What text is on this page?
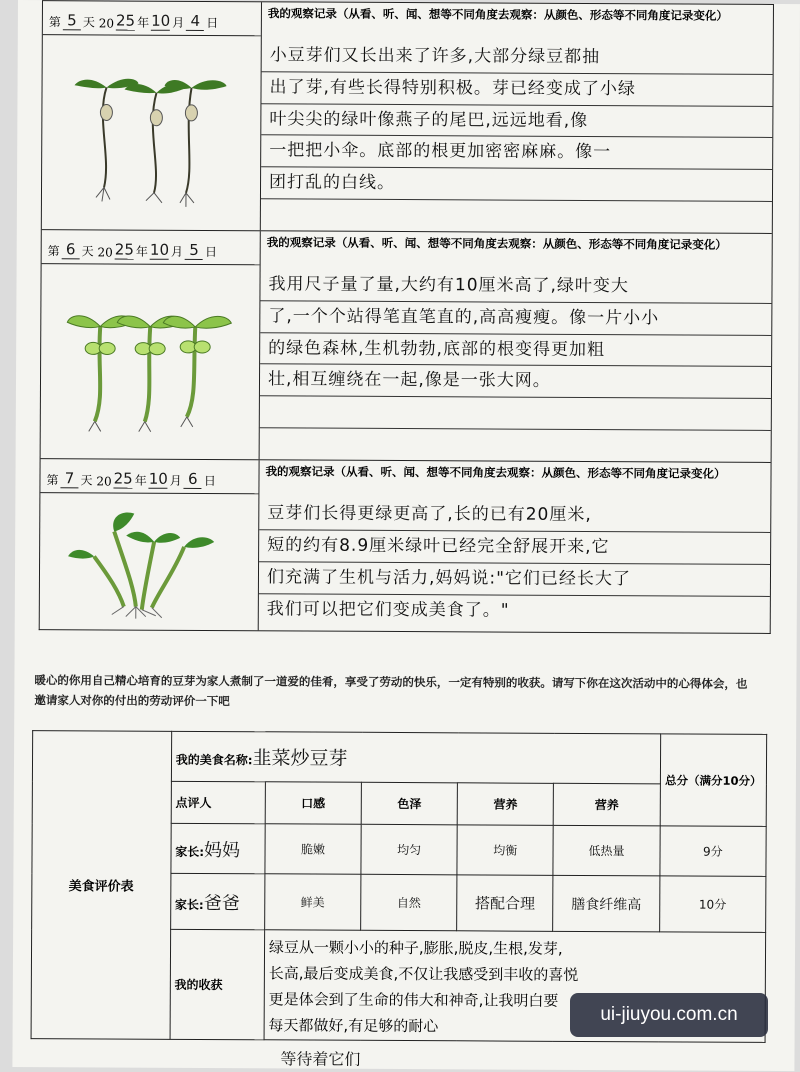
第 5 天
20 25 年 10 月 4 日
我的观察记录（从看、听、闻、想等不同角度去观察：从颜色、形态等不同角度记录变化）
小豆芽们又长出来了许多,大部分绿豆都抽
出了芽,有些长得特别积极。芽已经变成了小绿
叶尖尖的绿叶像燕子的尾巴,远远地看,像
一把把小伞。底部的根更加密密麻麻。像一
团打乱的白线。
第 6 天
20 25 年 10 月 5 日
我的观察记录（从看、听、闻、想等不同角度去观察：从颜色、形态等不同角度记录变化）
我用尺子量了量,大约有10厘米高了,绿叶变大
了,一个个站得笔直笔直的,高高瘦瘦。像一片小小
的绿色森林,生机勃勃,底部的根变得更加粗
壮,相互缠绕在一起,像是一张大网。
第 7 天
20 25 年 10 月 6 日
我的观察记录（从看、听、闻、想等不同角度去观察：从颜色、形态等不同角度记录变化）
豆芽们长得更绿更高了,长的已有20厘米,
短的约有8.9厘米绿叶已经完全舒展开来,它
们充满了生机与活力,妈妈说:"它们已经长大了
我们可以把它们变成美食了。"
暖心的你用自己精心培育的豆芽为家人煮制了一道爱的佳肴，享受了劳动的快乐，一定有特别的收获。请写下你在这次活动中的心得体会，也邀请家人对你的付出的劳动评价一下吧
美食评价表	我的美食名称:韭菜炒豆芽					总分（满分10分）
	点评人	口感	色泽	营养	营养	
	家长:妈妈	脆嫩	均匀	均衡	低热量	9分
	家长:爸爸	鲜美	自然	搭配合理	膳食纤维高	10分
	我的收获	绿豆从一颗小小的种子,膨胀,脱皮,生根,发芽,
长高,最后变成美食,不仅让我感受到丰收的喜悦
更是体会到了生命的伟大和神奇,让我明白要
每天都做好,有足够的耐心				
等待着它们
ui-jiuyou.com.cn
